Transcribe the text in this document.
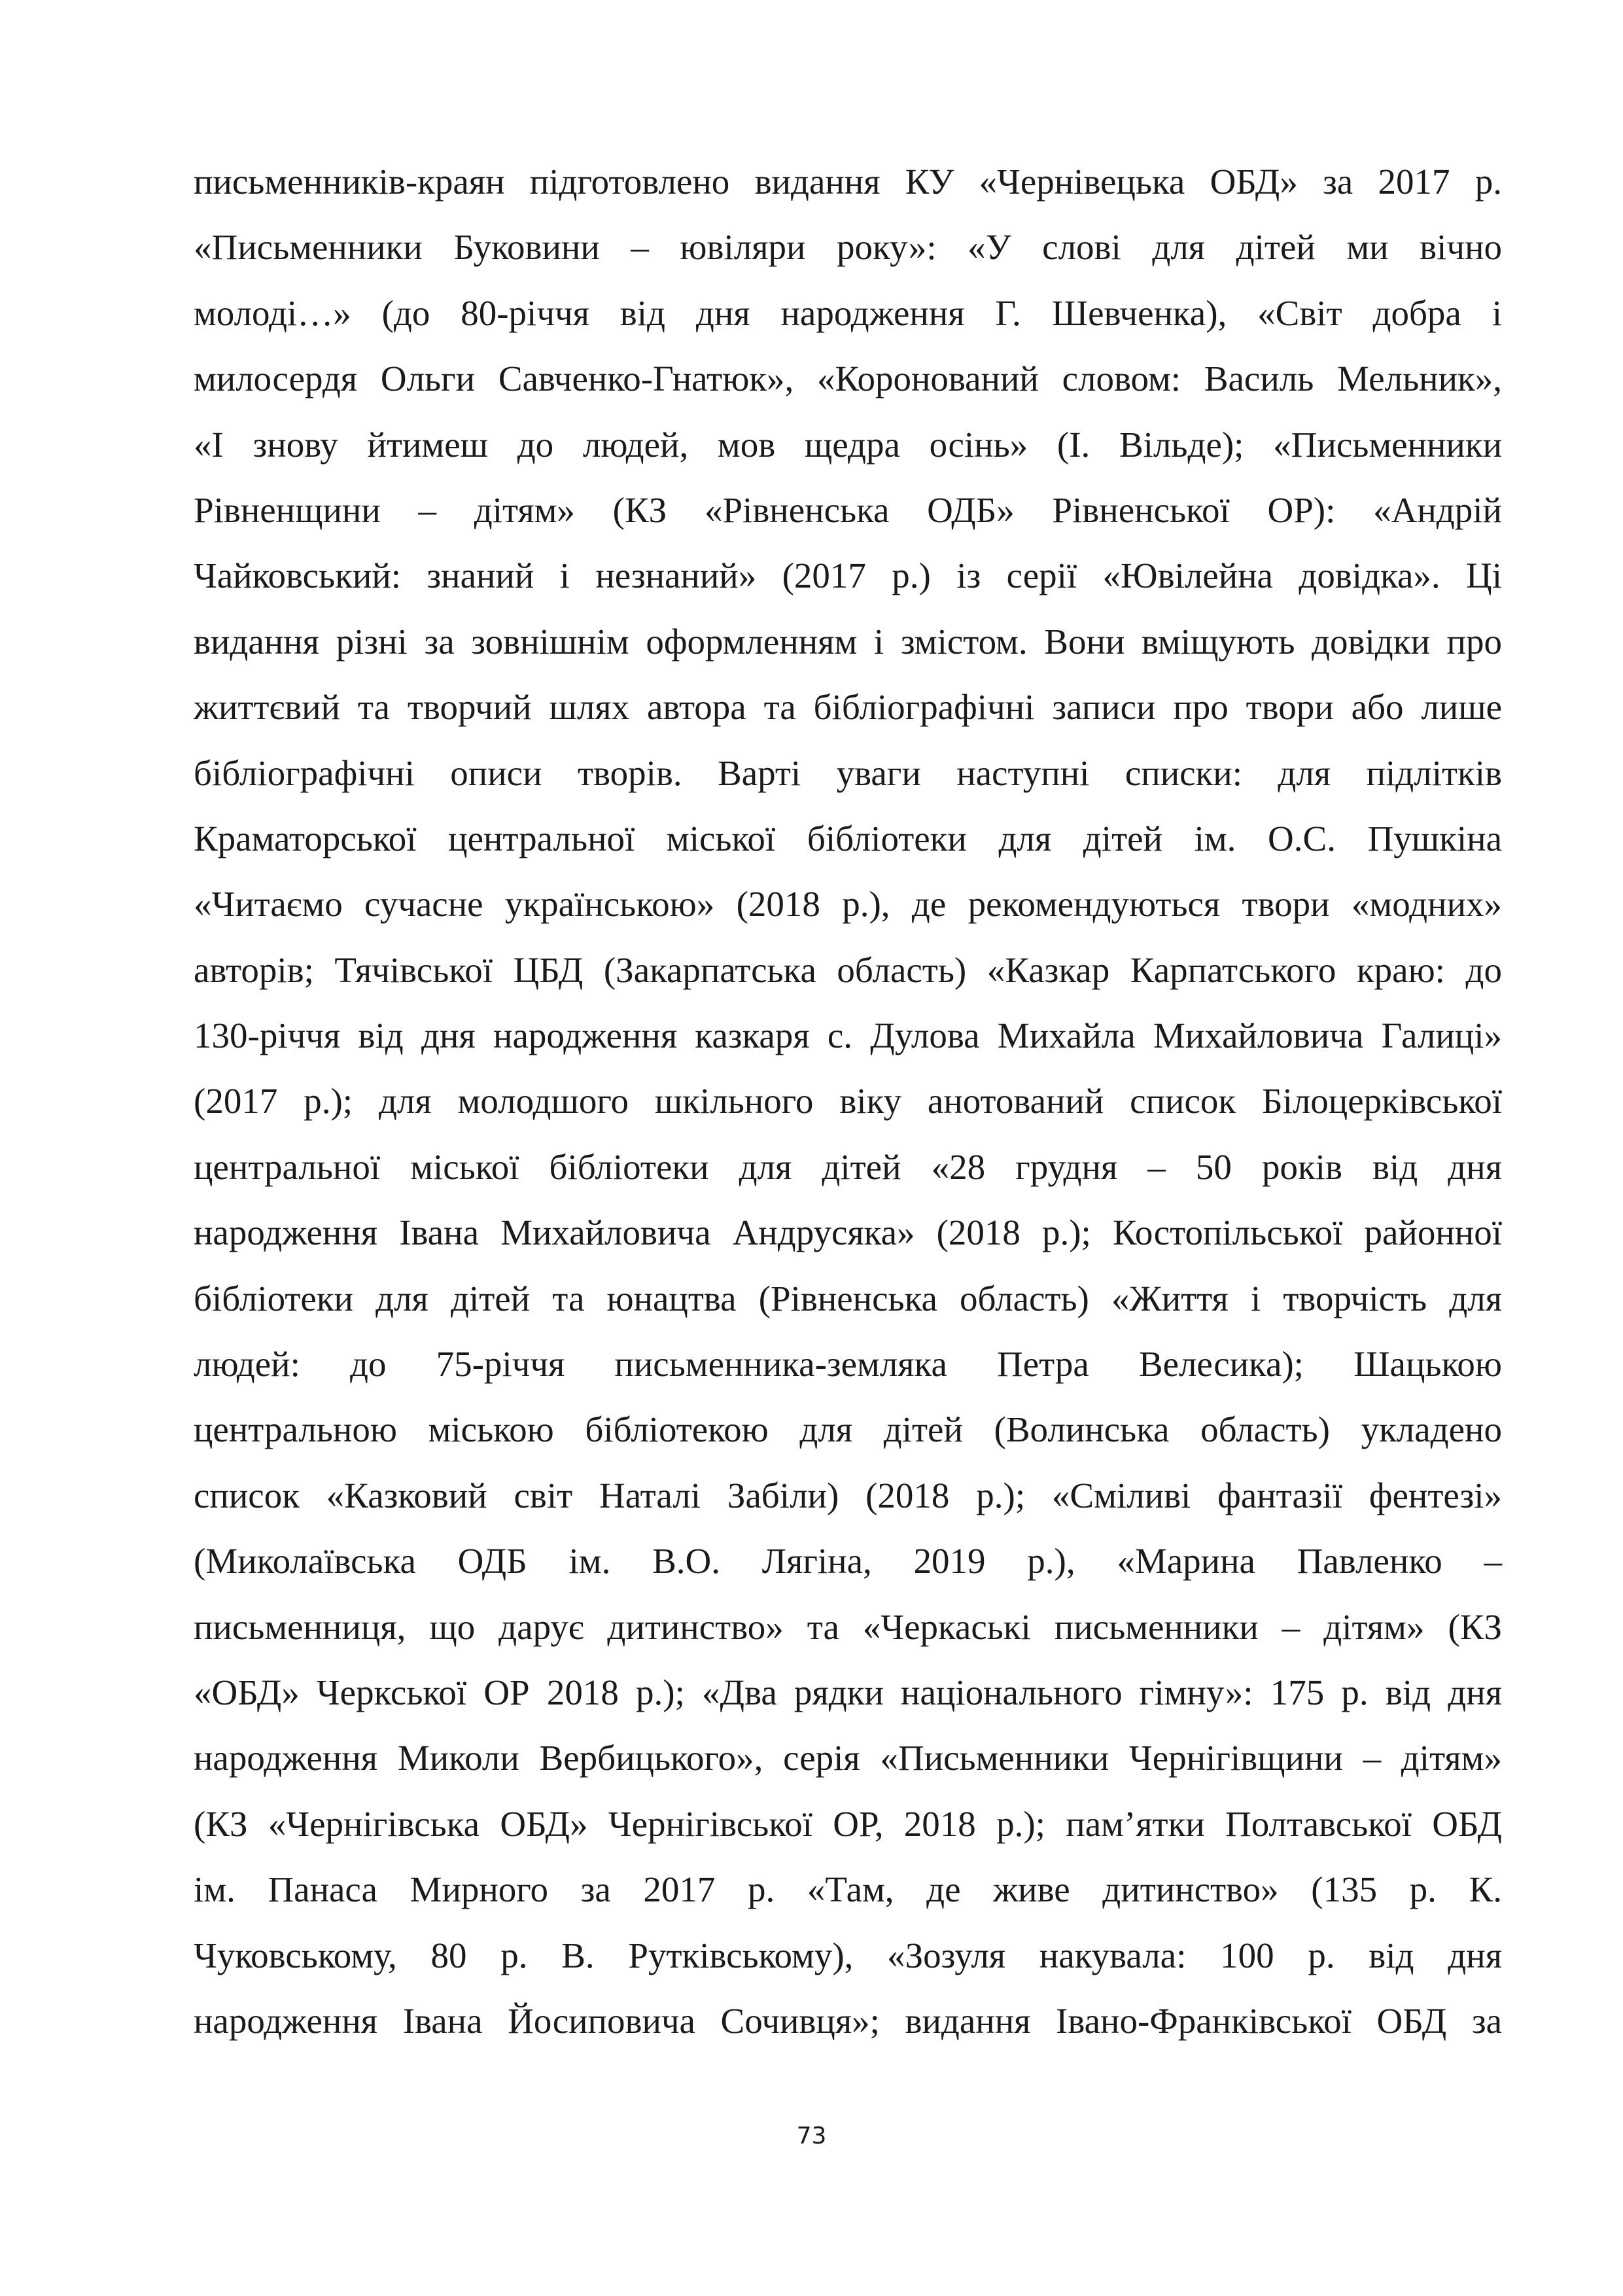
письменників-краян підготовлено видання КУ «Чернівецька ОБД» за 2017 р.
«Письменники Буковини – ювіляри року»: «У слові для дітей ми вічно
молоді…» (до 80-річчя від дня народження Г. Шевченка), «Світ добра і
милосердя Ольги Савченко-Гнатюк», «Коронований словом: Василь Мельник»,
«І знову йтимеш до людей, мов щедра осінь» (І. Вільде); «Письменники
Рівненщини – дітям» (КЗ «Рівненська ОДБ» Рівненської ОР): «Андрій
Чайковський: знаний і незнаний» (2017 р.) із серії «Ювілейна довідка». Ці
видання різні за зовнішнім оформленням і змістом. Вони вміщують довідки про
життєвий та творчий шлях автора та бібліографічні записи про твори або лише
бібліографічні описи творів. Варті уваги наступні списки: для підлітків
Краматорської центральної міської бібліотеки для дітей ім. О.С. Пушкіна
«Читаємо сучасне українською» (2018 р.), де рекомендуються твори «модних»
авторів; Тячівської ЦБД (Закарпатська область) «Казкар Карпатського краю: до
130-річчя від дня народження казкаря с. Дулова Михайла Михайловича Галиці»
(2017 р.); для молодшого шкільного віку анотований список Білоцерківської
центральної міської бібліотеки для дітей «28 грудня – 50 років від дня
народження Івана Михайловича Андрусяка» (2018 р.); Костопільської районної
бібліотеки для дітей та юнацтва (Рівненська область) «Життя і творчість для
людей: до 75-річчя письменника-земляка Петра Велесика); Шацькою
центральною міською бібліотекою для дітей (Волинська область) укладено
список «Казковий світ Наталі Забіли) (2018 р.); «Сміливі фантазії фентезі»
(Миколаївська ОДБ ім. В.О. Лягіна, 2019 р.), «Марина Павленко –
письменниця, що дарує дитинство» та «Черкаські письменники – дітям» (КЗ
«ОБД» Черкської ОР 2018 р.); «Два рядки національного гімну»: 175 р. від дня
народження Миколи Вербицького», серія «Письменники Чернігівщини – дітям»
(КЗ «Чернігівська ОБД» Чернігівської ОР, 2018 р.); пам’ятки Полтавської ОБД
ім. Панаса Мирного за 2017 р. «Там, де живе дитинство» (135 р. К.
Чуковському, 80 р. В. Рутківському), «Зозуля накувала: 100 р. від дня
народження Івана Йосиповича Сочивця»; видання Івано-Франківської ОБД за
73
